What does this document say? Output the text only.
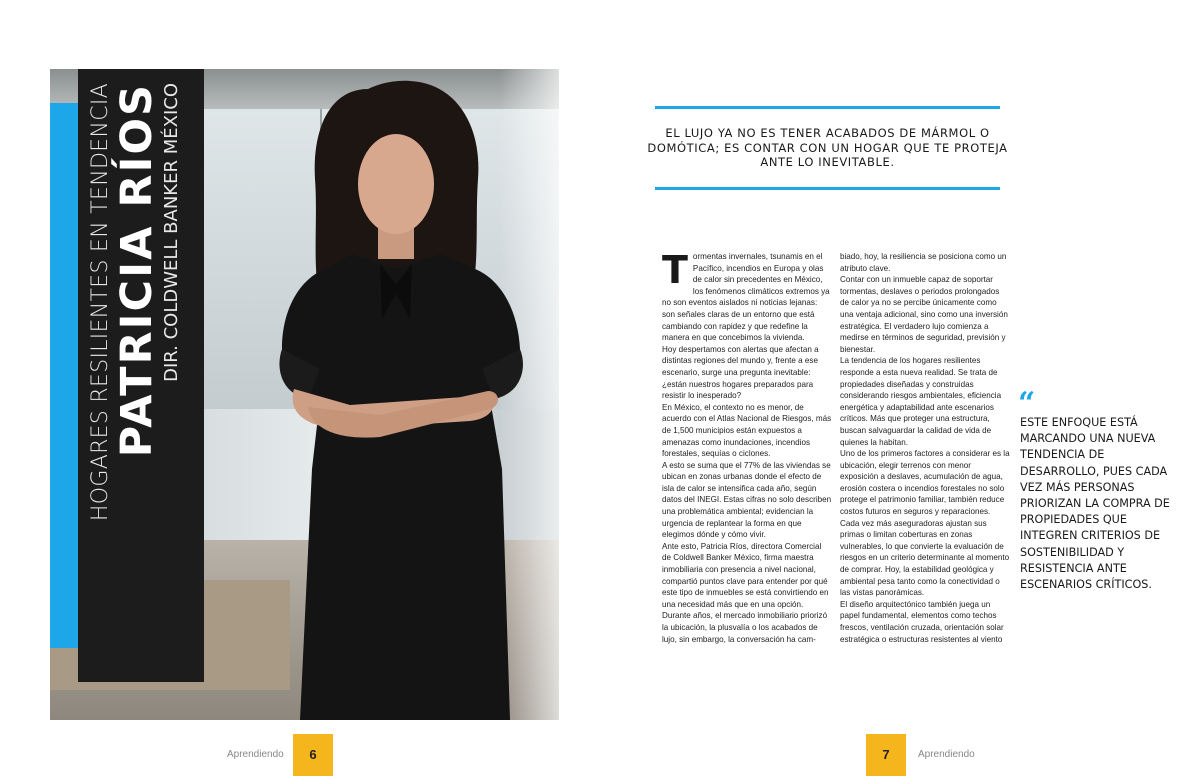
HOGARES RESILIENTES EN TENDENCIA PATRICIA RÍOS DIR. COLDWELL BANKER MÉXICO
Aprendiendo	6
EL LUJO YA NO ES TENER ACABADOS DE MÁRMOL O DOMÓTICA; ES CONTAR CON UN HOGAR QUE TE PROTEJA ANTE LO INEVITABLE.
T ormentas invernales, tsunamis en el Pacífico, incendios en Europa y olas de calor sin precedentes en México, los fenómenos climáticos extremos ya no son eventos aislados ni noticias lejanas: son señales claras de un entorno que está cambiando con rapidez y que redefine la manera en que concebimos la vivienda.

Hoy despertamos con alertas que afectan a distintas regiones del mundo y, frente a ese escenario, surge una pregunta inevitable: ¿están nuestros hogares preparados para resistir lo inesperado?

En México, el contexto no es menor, de acuerdo con el Atlas Nacional de Riesgos, más de 1,500 municipios están expuestos a amenazas como inundaciones, incendios forestales, sequías o ciclones.

A esto se suma que el 77% de las viviendas se ubican en zonas urbanas donde el efecto de isla de calor se intensifica cada año, según datos del INEGI. Estas cifras no solo describen una problemática ambiental; evidencian la urgencia de replantear la forma en que elegimos dónde y cómo vivir.

Ante esto, Patricia Ríos, directora Comercial de Coldwell Banker México, firma maestra inmobiliaria con presencia a nivel nacional, compartió puntos clave para entender por qué este tipo de inmuebles se está convirtiendo en una necesidad más que en una opción.

Durante años, el mercado inmobiliario priorizó la ubicación, la plusvalía o los acabados de lujo, sin embargo, la conversación ha cam-

biado, hoy, la resiliencia se posiciona como un atributo clave.

Contar con un inmueble capaz de soportar tormentas, deslaves o periodos prolongados de calor ya no se percibe únicamente como una ventaja adicional, sino como una inversión estratégica. El verdadero lujo comienza a medirse en términos de seguridad, previsión y bienestar.

La tendencia de los hogares resilientes responde a esta nueva realidad. Se trata de propiedades diseñadas y construidas considerando riesgos ambientales, eficiencia energética y adaptabilidad ante escenarios críticos. Más que proteger una estructura, buscan salvaguardar la calidad de vida de quienes la habitan.

Uno de los primeros factores a considerar es la ubicación, elegir terrenos con menor exposición a deslaves, acumulación de agua, erosión costera o incendios forestales no solo protege el patrimonio familiar, también reduce costos futuros en seguros y reparaciones.

Cada vez más aseguradoras ajustan sus primas o limitan coberturas en zonas vulnerables, lo que convierte la evaluación de riesgos en un criterio determinante al momento de comprar. Hoy, la estabilidad geológica y ambiental pesa tanto como la conectividad o las vistas panorámicas.

El diseño arquitectónico también juega un papel fundamental, elementos como techos frescos, ventilación cruzada, orientación solar estratégica o estructuras resistentes al viento

“
ESTE ENFOQUE ESTÁ MARCANDO UNA NUEVA TENDENCIA DE DESARROLLO, PUES CADA VEZ MÁS PERSONAS PRIORIZAN LA COMPRA DE PROPIEDADES QUE INTEGREN CRITERIOS DE SOSTENIBILIDAD Y RESISTENCIA ANTE ESCENARIOS CRÍTICOS.
7	Aprendiendo
